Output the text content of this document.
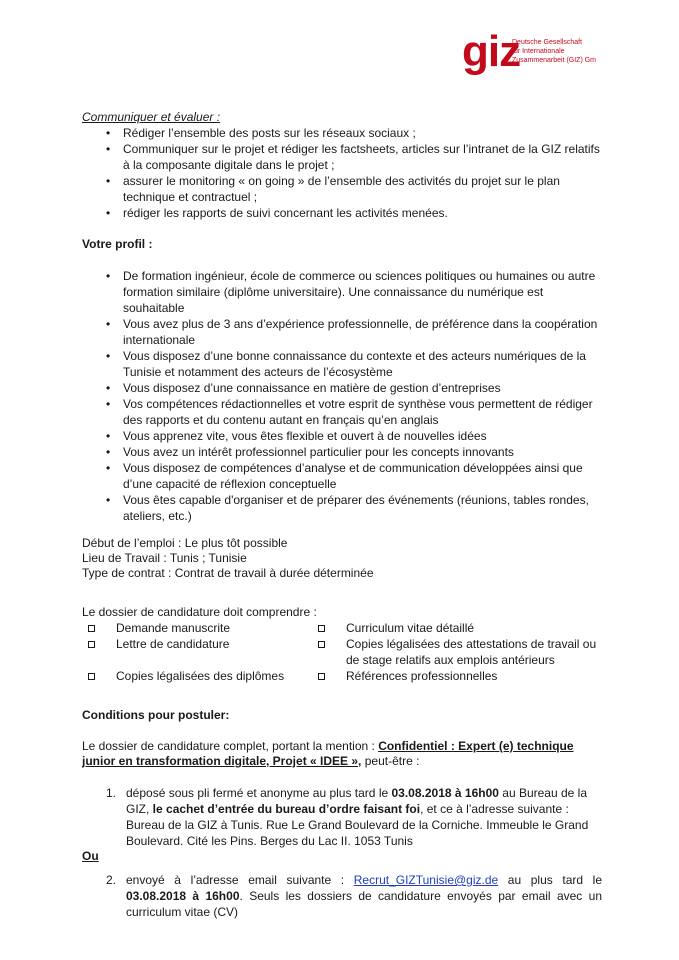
giz
Deutsche Gesellschaft
für Internationale
Zusammenarbeit (GIZ) Gm
Communiquer et évaluer :
• Rédiger l’ensemble des posts sur les réseaux sociaux ;
• Communiquer sur le projet et rédiger les factsheets, articles sur l’intranet de la GIZ relatifs à la composante digitale dans le projet ;
• assurer le monitoring « on going » de l’ensemble des activités du projet sur le plan technique et contractuel ;
• rédiger les rapports de suivi concernant les activités menées.
Votre profil :
• De formation ingénieur, école de commerce ou sciences politiques ou humaines ou autre formation similaire (diplôme universitaire). Une connaissance du numérique est souhaitable
• Vous avez plus de 3 ans d’expérience professionnelle, de préférence dans la coopération internationale
• Vous disposez d’une bonne connaissance du contexte et des acteurs numériques de la Tunisie et notamment des acteurs de l’écosystème
• Vous disposez d’une connaissance en matière de gestion d’entreprises
• Vos compétences rédactionnelles et votre esprit de synthèse vous permettent de rédiger des rapports et du contenu autant en français qu’en anglais
• Vous apprenez vite, vous êtes flexible et ouvert à de nouvelles idées
• Vous avez un intérêt professionnel particulier pour les concepts innovants
• Vous disposez de compétences d’analyse et de communication développées ainsi que d’une capacité de réflexion conceptuelle
• Vous êtes capable d'organiser et de préparer des événements (réunions, tables rondes, ateliers, etc.)
Début de l’emploi : Le plus tôt possible
Lieu de Travail : Tunis ; Tunisie
Type de contrat : Contrat de travail à durée déterminée
Le dossier de candidature doit comprendre :
Demande manuscrite	Curriculum vitae détaillé
Lettre de candidature	Copies légalisées des attestations de travail ou de stage relatifs aux emplois antérieurs
Copies légalisées des diplômes	Références professionnelles
Conditions pour postuler:
Le dossier de candidature complet, portant la mention : Confidentiel : Expert (e) technique junior en transformation digitale, Projet « IDEE », peut-être :
1. déposé sous pli fermé et anonyme au plus tard le 03.08.2018 à 16h00 au Bureau de la GIZ, le cachet d’entrée du bureau d’ordre faisant foi, et ce à l’adresse suivante : Bureau de la GIZ à Tunis. Rue Le Grand Boulevard de la Corniche. Immeuble le Grand Boulevard. Cité les Pins. Berges du Lac II. 1053 Tunis
Ou
2. envoyé à l’adresse email suivante : Recrut_GIZTunisie@giz.de au plus tard le 03.08.2018 à 16h00. Seuls les dossiers de candidature envoyés par email avec un curriculum vitae (CV)
